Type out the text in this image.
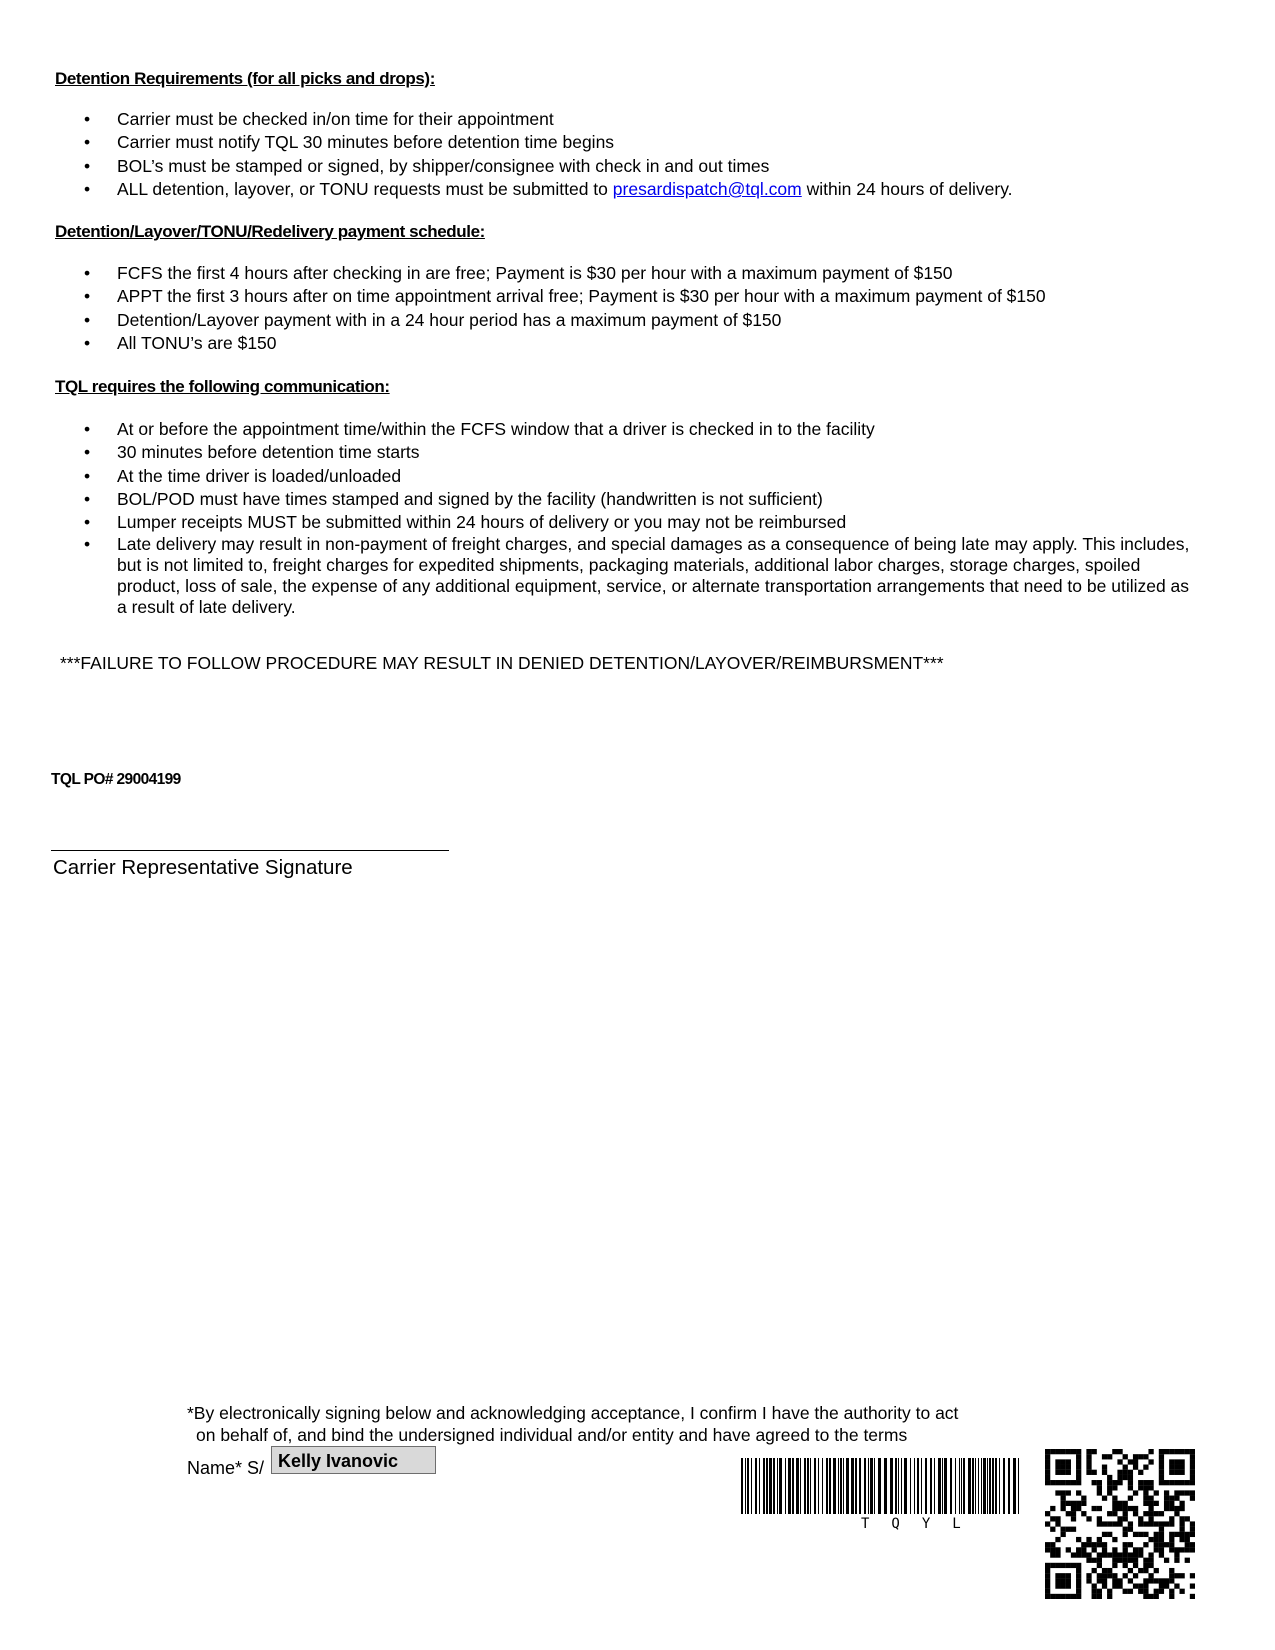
Detention Requirements (for all picks and drops):
• Carrier must be checked in/on time for their appointment
• Carrier must notify TQL 30 minutes before detention time begins
• BOL’s must be stamped or signed, by shipper/consignee with check in and out times
• ALL detention, layover, or TONU requests must be submitted to presardispatch@tql.com within 24 hours of delivery.
Detention/Layover/TONU/Redelivery payment schedule:
• FCFS the first 4 hours after checking in are free; Payment is $30 per hour with a maximum payment of $150
• APPT the first 3 hours after on time appointment arrival free; Payment is $30 per hour with a maximum payment of $150
• Detention/Layover payment with in a 24 hour period has a maximum payment of $150
• All TONU’s are $150
TQL requires the following communication:
• At or before the appointment time/within the FCFS window that a driver is checked in to the facility
• 30 minutes before detention time starts
• At the time driver is loaded/unloaded
• BOL/POD must have times stamped and signed by the facility (handwritten is not sufficient)
• Lumper receipts MUST be submitted within 24 hours of delivery or you may not be reimbursed
• Late delivery may result in non-payment of freight charges, and special damages as a consequence of being late may apply. This includes, but is not limited to, freight charges for expedited shipments, packaging materials, additional labor charges, storage charges, spoiled product, loss of sale, the expense of any additional equipment, service, or alternate transportation arrangements that need to be utilized as a result of late delivery.
***FAILURE TO FOLLOW PROCEDURE MAY RESULT IN DENIED DETENTION/LAYOVER/REIMBURSMENT***
TQL PO# 29004199
Carrier Representative Signature
*By electronically signing below and acknowledging acceptance, I confirm I have the authority to act
on behalf of, and bind the undersigned individual and/or entity and have agreed to the terms
Name* S/ Kelly Ivanovic
TQYL
